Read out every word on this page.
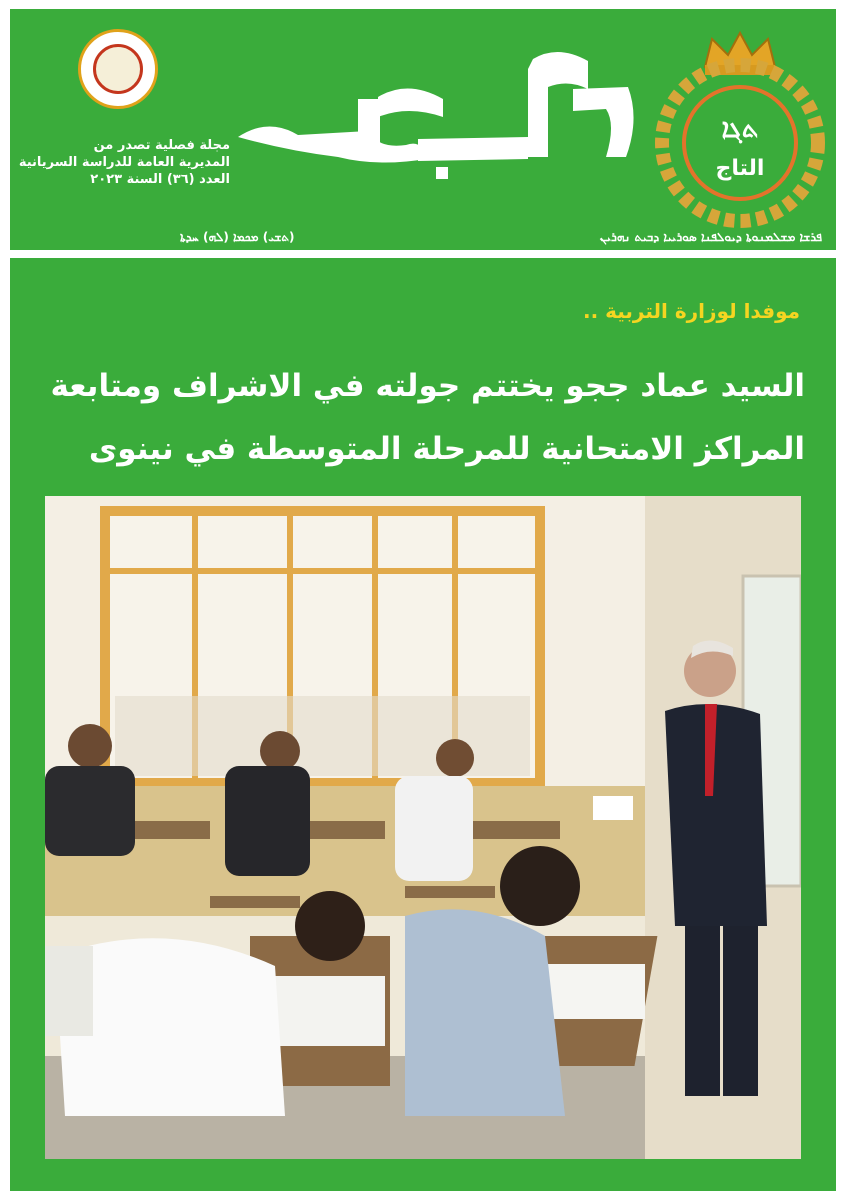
مجلة فصلية تصدر من
المديرية العامة للدراسة السريانية
العدد (٣٦) السنة ٢٠٢٣
ܬܓܐ
التاج
(ܬܫܝ) ܡܟܡܐ (ܠܗ) ܚܕܬܐ	ܦܪܫܐ ܡܫܠܡܢܘܬܐ ܕܝܘܠܦܢܐ ܣܘܪܝܝܐ ܕܒܝܬ ܢܗܪܝܢ
موفدا لوزارة التربية ..
السيد عماد ججو يختتم جولته في الاشراف ومتابعة
المراكز الامتحانية للمرحلة المتوسطة في نينوى
